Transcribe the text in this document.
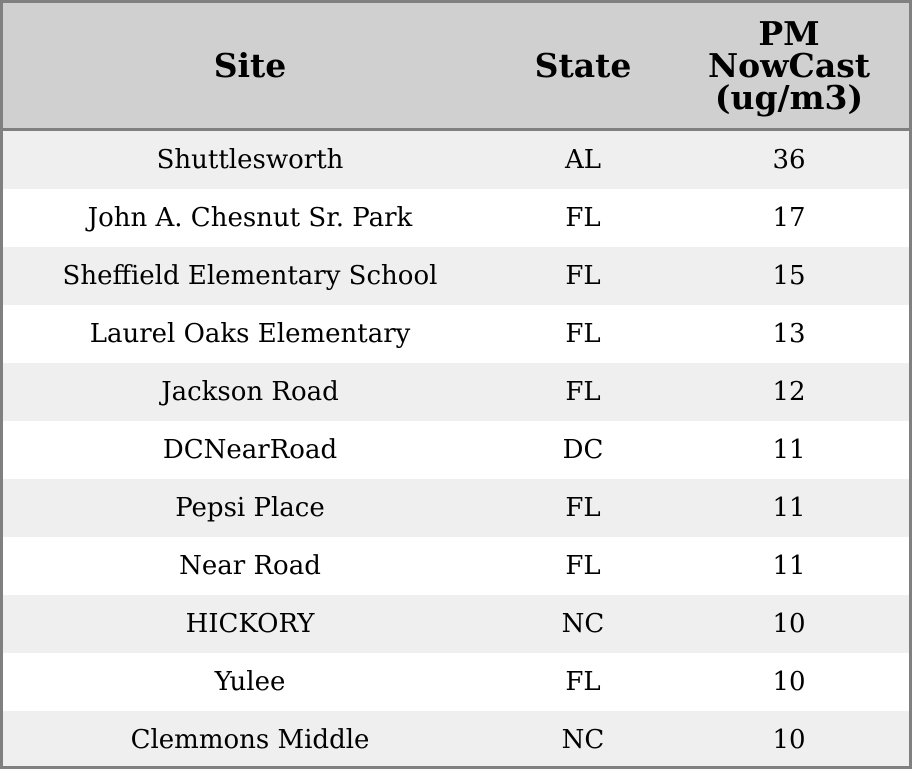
Site	State	PM
NowCast
(ug/m3)

Shuttlesworth	AL	36
John A. Chesnut Sr. Park	FL	17
Sheffield Elementary School	FL	15
Laurel Oaks Elementary	FL	13
Jackson Road	FL	12
DCNearRoad	DC	11
Pepsi Place	FL	11
Near Road	FL	11
HICKORY	NC	10
Yulee	FL	10
Clemmons Middle	NC	10
